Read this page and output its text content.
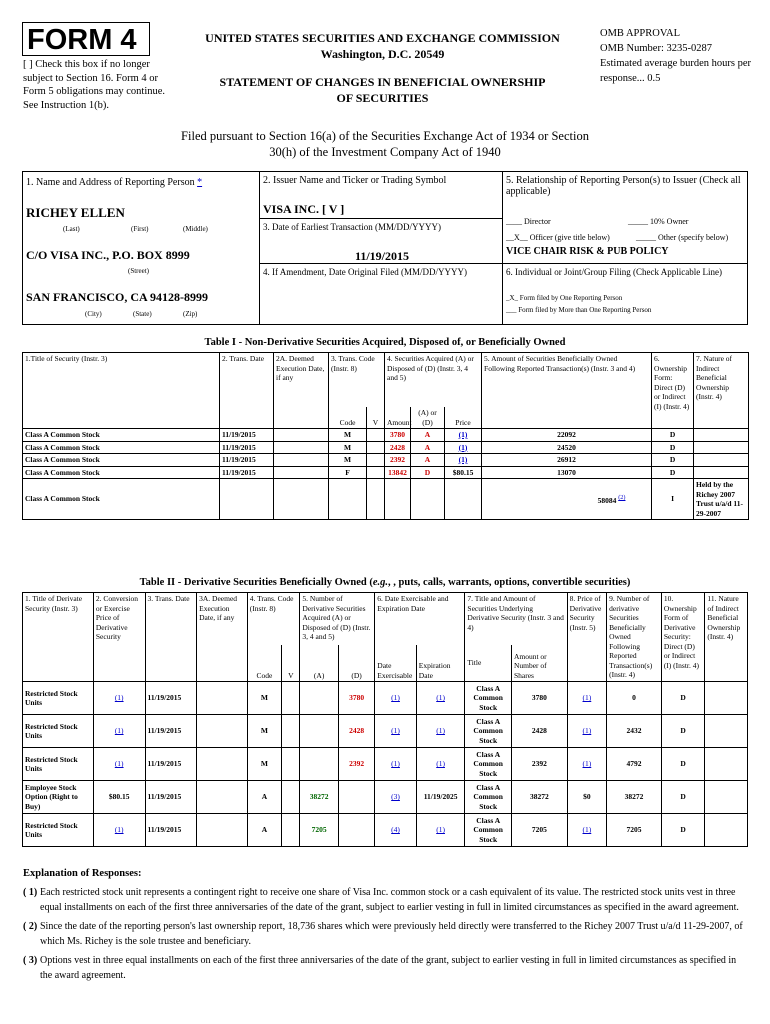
FORM 4
[ ] Check this box if no longer subject to Section 16. Form 4 or Form 5 obligations may continue. See Instruction 1(b).
UNITED STATES SECURITIES AND EXCHANGE COMMISSION
Washington, D.C. 20549
STATEMENT OF CHANGES IN BENEFICIAL OWNERSHIP OF SECURITIES
OMB APPROVAL
OMB Number: 3235-0287
Estimated average burden hours per response... 0.5
Filed pursuant to Section 16(a) of the Securities Exchange Act of 1934 or Section 30(h) of the Investment Company Act of 1940
1. Name and Address of Reporting Person *
RICHEY ELLEN
(Last)	(First)	(Middle)
C/O VISA INC., P.O. BOX 8999
(Street)
SAN FRANCISCO, CA 94128-8999
(City)	(State)	(Zip)
2. Issuer Name and Ticker or Trading Symbol
VISA INC. [ V ]
3. Date of Earliest Transaction (MM/DD/YYYY)
11/19/2015
4. If Amendment, Date Original Filed (MM/DD/YYYY)
5. Relationship of Reporting Person(s) to Issuer (Check all applicable)
____ Director	_____ 10% Owner
__X__ Officer (give title below)	_____ Other (specify below)
VICE CHAIR RISK & PUB POLICY
6. Individual or Joint/Group Filing (Check Applicable Line)
_X_ Form filed by One Reporting Person
___ Form filed by More than One Reporting Person
Table I - Non-Derivative Securities Acquired, Disposed of, or Beneficially Owned
1.Title of Security (Instr. 3)	2. Trans. Date	2A. Deemed Execution Date, if any	3. Trans. Code (Instr. 8)		4. Securities Acquired (A) or Disposed of (D) (Instr. 3, 4 and 5)			5. Amount of Securities Beneficially Owned Following Reported Transaction(s) (Instr. 3 and 4)	6. Ownership Form: Direct (D) or Indirect (I) (Instr. 4)	7. Nature of Indirect Beneficial Ownership (Instr. 4)
			Code	V	Amount	(A) or (D)	Price			
Class A Common Stock	11/19/2015		M		3780	A	(1)	22092	D	
Class A Common Stock	11/19/2015		M		2428	A	(1)	24520	D	
Class A Common Stock	11/19/2015		M		2392	A	(1)	26912	D	
Class A Common Stock	11/19/2015		F		13842	D	$80.15	13070	D	
Class A Common Stock								58084 $^{(2)}$	I	Held by the Richey 2007 Trust u/a/d 11-29-2007
Table II - Derivative Securities Beneficially Owned (e.g., , puts, calls, warrants, options, convertible securities)
1. Title of Derivate Security (Instr. 3)	2. Conversion or Exercise Price of Derivative Security	3. Trans. Date	3A. Deemed Execution Date, if any	4. Trans. Code (Instr. 8)		5. Number of Derivative Securities Acquired (A) or Disposed of (D) (Instr. 3, 4 and 5)		6. Date Exercisable and Expiration Date		7. Title and Amount of Securities Underlying Derivative Security (Instr. 3 and 4)		8. Price of Derivative Security (Instr. 5)	9. Number of derivative Securities Beneficially Owned Following Reported Transaction(s) (Instr. 4)	10. Ownership Form of Derivative Security: Direct (D) or Indirect (I) (Instr. 4)	11. Nature of Indirect Beneficial Ownership (Instr. 4)
				Code	V	(A)	(D)	Date Exercisable	Expiration Date	Title	Amount or Number of Shares				
Restricted Stock Units	(1)	11/19/2015		M			3780	(1)	(1)	Class A Common Stock	3780	(1)	0	D	
Restricted Stock Units	(1)	11/19/2015		M			2428	(1)	(1)	Class A Common Stock	2428	(1)	2432	D	
Restricted Stock Units	(1)	11/19/2015		M			2392	(1)	(1)	Class A Common Stock	2392	(1)	4792	D	
Employee Stock Option (Right to Buy)	$80.15	11/19/2015		A		38272		(3)	11/19/2025	Class A Common Stock	38272	$0	38272	D	
Restricted Stock Units	(1)	11/19/2015		A		7205		(4)	(1)	Class A Common Stock	7205	(1)	7205	D	
Explanation of Responses:
( 1) Each restricted stock unit represents a contingent right to receive one share of Visa Inc. common stock or a cash equivalent of its value. The restricted stock units vest in three equal installments on each of the first three anniversaries of the date of the grant, subject to earlier vesting in full in limited circumstances as specified in the award agreement.
( 2) Since the date of the reporting person's last ownership report, 18,736 shares which were previously held directly were transferred to the Richey 2007 Trust u/a/d 11-29-2007, of which Ms. Richey is the sole trustee and beneficiary.
( 3) Options vest in three equal installments on each of the first three anniversaries of the date of the grant, subject to earlier vesting in full in limited circumstances as specified in the award agreement.
